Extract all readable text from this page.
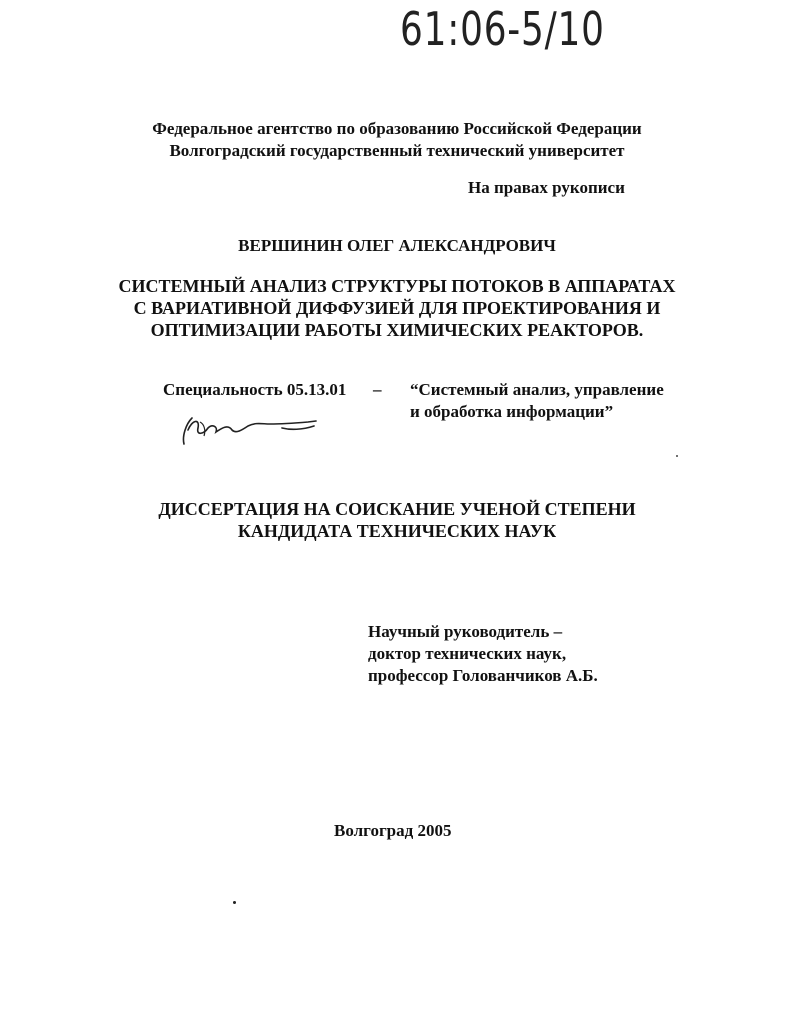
61:06-5/10
Федеральное агентство по образованию Российской Федерации
Волгоградский государственный технический университет
На правах рукописи
ВЕРШИНИН ОЛЕГ АЛЕКСАНДРОВИЧ
СИСТЕМНЫЙ АНАЛИЗ СТРУКТУРЫ ПОТОКОВ В АППАРАТАХ
С ВАРИАТИВНОЙ ДИФФУЗИЕЙ ДЛЯ ПРОЕКТИРОВАНИЯ И
ОПТИМИЗАЦИИ РАБОТЫ ХИМИЧЕСКИХ РЕАКТОРОВ.
Специальность 05.13.01 – “Системный анализ, управление
и обработка информации”
ДИССЕРТАЦИЯ НА СОИСКАНИЕ УЧЕНОЙ СТЕПЕНИ
КАНДИДАТА ТЕХНИЧЕСКИХ НАУК
Научный руководитель –
доктор технических наук,
профессор Голованчиков А.Б.
Волгоград 2005
